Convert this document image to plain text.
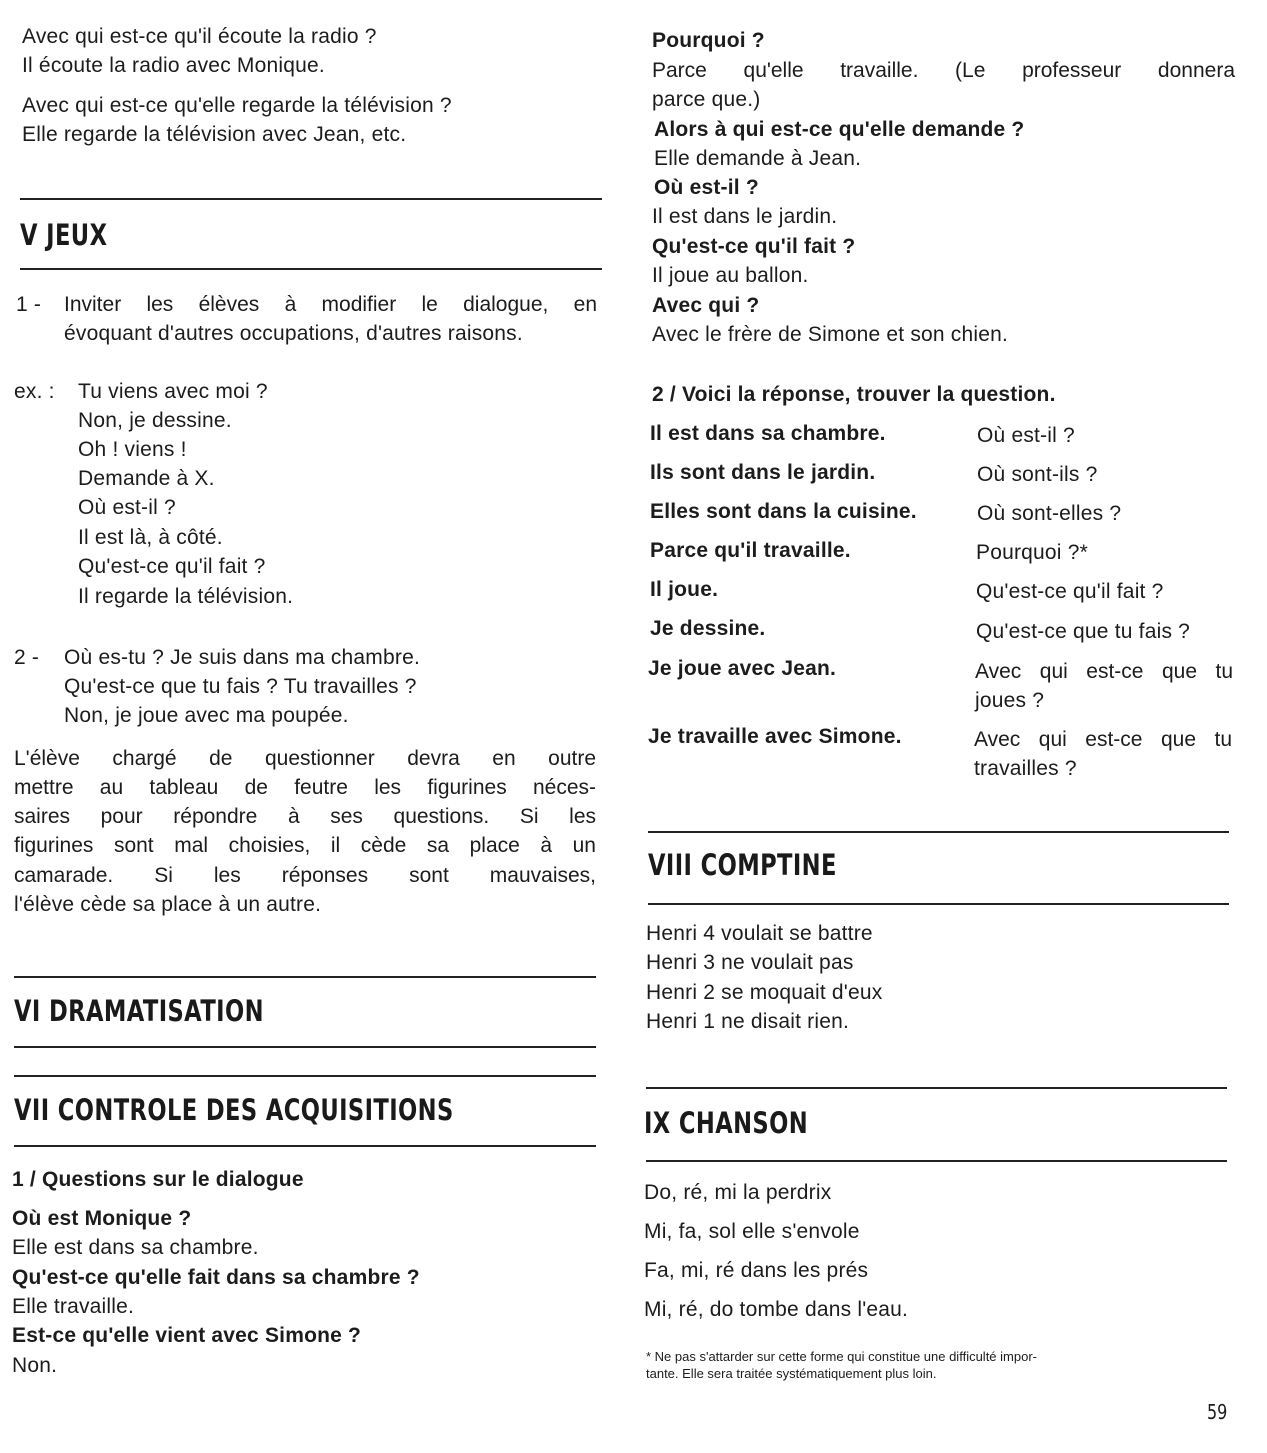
Avec qui est-ce qu'il écoute la radio ?
Il écoute la radio avec Monique.
Avec qui est-ce qu'elle regarde la télévision ?
Elle regarde la télévision avec Jean, etc.
V JEUX
1 - Inviter les élèves à modifier le dialogue, en
évoquant d'autres occupations, d'autres raisons.
ex. : Tu viens avec moi ?
Non, je dessine.
Oh ! viens !
Demande à X.
Où est-il ?
Il est là, à côté.
Qu'est-ce qu'il fait ?
Il regarde la télévision.
2 - Où es-tu ? Je suis dans ma chambre.
Qu'est-ce que tu fais ? Tu travailles ?
Non, je joue avec ma poupée.
L'élève chargé de questionner devra en outre
mettre au tableau de feutre les figurines néces-
saires pour répondre à ses questions. Si les
figurines sont mal choisies, il cède sa place à un
camarade. Si les réponses sont mauvaises,
l'élève cède sa place à un autre.
VI DRAMATISATION
VII CONTROLE DES ACQUISITIONS
1 / Questions sur le dialogue
Où est Monique ?
Elle est dans sa chambre.
Qu'est-ce qu'elle fait dans sa chambre ?
Elle travaille.
Est-ce qu'elle vient avec Simone ?
Non.
Pourquoi ?
Parce qu'elle travaille. (Le professeur donnera
parce que.)
Alors à qui est-ce qu'elle demande ?
Elle demande à Jean.
Où est-il ?
Il est dans le jardin.
Qu'est-ce qu'il fait ?
Il joue au ballon.
Avec qui ?
Avec le frère de Simone et son chien.
2 / Voici la réponse, trouver la question.
Il est dans sa chambre.	Où est-il ?
Ils sont dans le jardin.	Où sont-ils ?
Elles sont dans la cuisine.	Où sont-elles ?
Parce qu'il travaille.	Pourquoi ?*
Il joue.	Qu'est-ce qu'il fait ?
Je dessine.	Qu'est-ce que tu fais ?
Je joue avec Jean.	Avec qui est-ce que tu
joues ?
Je travaille avec Simone.	Avec qui est-ce que tu
travailles ?
VIII COMPTINE
Henri 4 voulait se battre
Henri 3 ne voulait pas
Henri 2 se moquait d'eux
Henri 1 ne disait rien.
IX CHANSON
Do, ré, mi la perdrix
Mi, fa, sol elle s'envole
Fa, mi, ré dans les prés
Mi, ré, do tombe dans l'eau.
* Ne pas s'attarder sur cette forme qui constitue une difficulté impor-
tante. Elle sera traitée systématiquement plus loin.
59
